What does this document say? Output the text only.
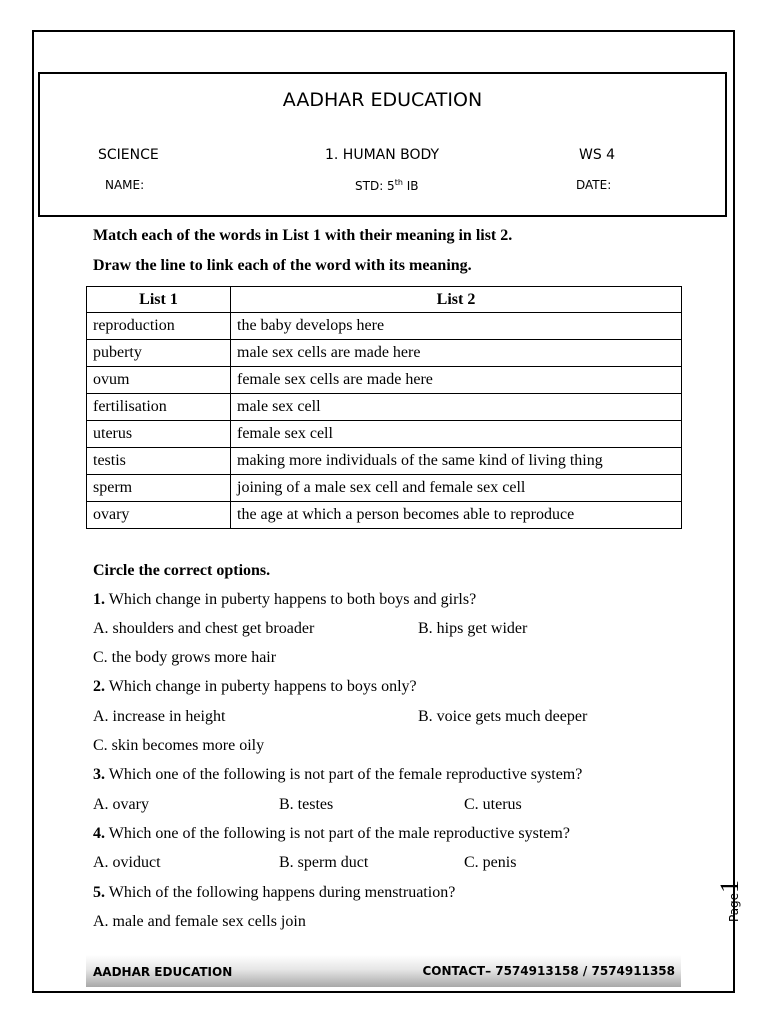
AADHAR EDUCATION
SCIENCE	1. HUMAN BODY	WS 4
NAME:	STD: 5th IB	DATE:
Match each of the words in List 1 with their meaning in list 2.
Draw the line to link each of the word with its meaning.
List 1	List 2
reproduction	the baby develops here
puberty	male sex cells are made here
ovum	female sex cells are made here
fertilisation	male sex cell
uterus	female sex cell
testis	making more individuals of the same kind of living thing
sperm	joining of a male sex cell and female sex cell
ovary	the age at which a person becomes able to reproduce
Circle the correct options.
1. Which change in puberty happens to both boys and girls?
A. shoulders and chest get broader	B. hips get wider
C. the body grows more hair
2. Which change in puberty happens to boys only?
A. increase in height	B. voice gets much deeper
C. skin becomes more oily
3. Which one of the following is not part of the female reproductive system?
A. ovary	B. testes	C. uterus
4. Which one of the following is not part of the male reproductive system?
A. oviduct	B. sperm duct	C. penis
5. Which of the following happens during menstruation?
A. male and female sex cells join	Page1
AADHAR EDUCATION	CONTACT– 7574913158 / 7574911358
